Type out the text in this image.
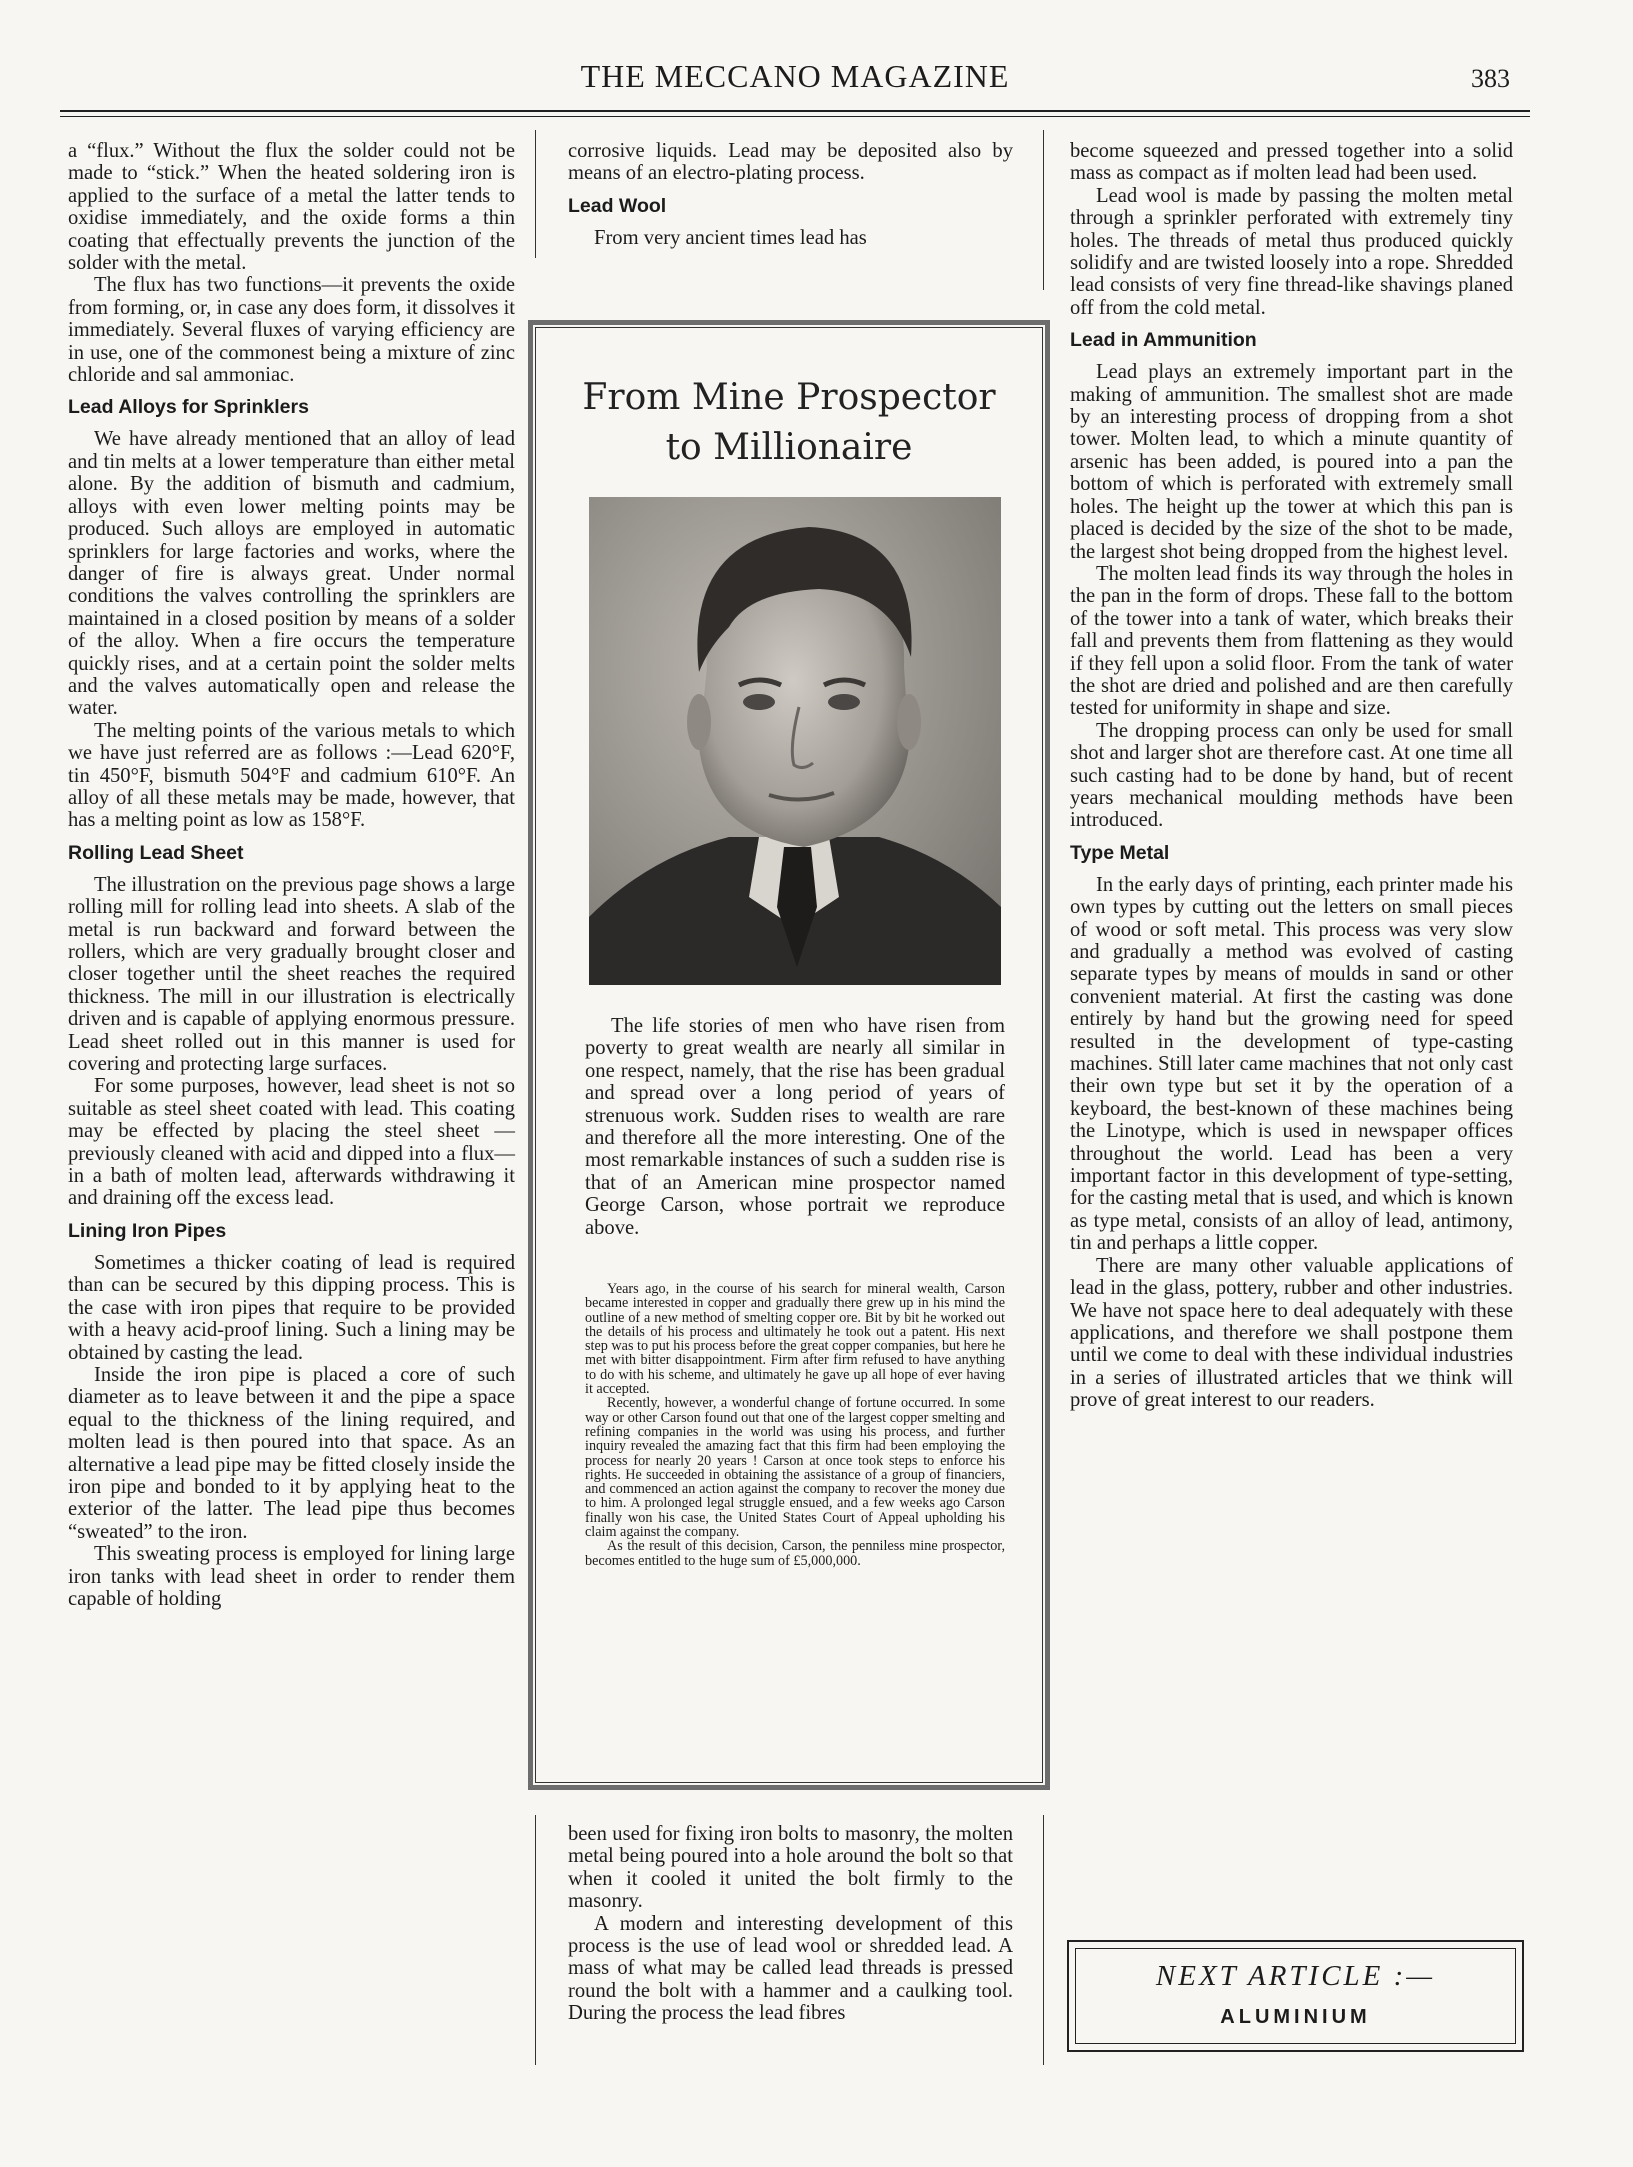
THE MECCANO MAGAZINE	383

a “flux.” Without the flux the solder could not be made to “stick.” When the heated soldering iron is applied to the surface of a metal the latter tends to oxidise immediately, and the oxide forms a thin coating that effectually prevents the junction of the solder with the metal.

The flux has two functions—it prevents the oxide from forming, or, in case any does form, it dissolves it immediately. Several fluxes of varying efficiency are in use, one of the commonest being a mixture of zinc chloride and sal ammoniac.

Lead Alloys for Sprinklers

We have already mentioned that an alloy of lead and tin melts at a lower temperature than either metal alone. By the addition of bismuth and cadmium, alloys with even lower melting points may be produced. Such alloys are employed in automatic sprinklers for large factories and works, where the danger of fire is always great. Under normal conditions the valves controlling the sprinklers are maintained in a closed position by means of a solder of the alloy. When a fire occurs the temperature quickly rises, and at a certain point the solder melts and the valves automatically open and release the water.

The melting points of the various metals to which we have just referred are as follows :—Lead 620°F, tin 450°F, bismuth 504°F and cadmium 610°F. An alloy of all these metals may be made, however, that has a melting point as low as 158°F.

Rolling Lead Sheet

The illustration on the previous page shows a large rolling mill for rolling lead into sheets. A slab of the metal is run backward and forward between the rollers, which are very gradually brought closer and closer together until the sheet reaches the required thickness. The mill in our illustration is electrically driven and is capable of applying enormous pressure. Lead sheet rolled out in this manner is used for covering and protecting large surfaces.

For some purposes, however, lead sheet is not so suitable as steel sheet coated with lead. This coating may be effected by placing the steel sheet —previously cleaned with acid and dipped into a flux—in a bath of molten lead, afterwards withdrawing it and draining off the excess lead.

Lining Iron Pipes

Sometimes a thicker coating of lead is required than can be secured by this dipping process. This is the case with iron pipes that require to be provided with a heavy acid-proof lining. Such a lining may be obtained by casting the lead.

Inside the iron pipe is placed a core of such diameter as to leave between it and the pipe a space equal to the thickness of the lining required, and molten lead is then poured into that space. As an alternative a lead pipe may be fitted closely inside the iron pipe and bonded to it by applying heat to the exterior of the latter. The lead pipe thus becomes “sweated” to the iron.

This sweating process is employed for lining large iron tanks with lead sheet in order to render them capable of holding

corrosive liquids. Lead may be deposited also by means of an electro-plating process.

Lead Wool

From very ancient times lead has

From Mine Prospector
to Millionaire

The life stories of men who have risen from poverty to great wealth are nearly all similar in one respect, namely, that the rise has been gradual and spread over a long period of years of strenuous work. Sudden rises to wealth are rare and therefore all the more interesting. One of the most remarkable instances of such a sudden rise is that of an American mine prospector named George Carson, whose portrait we reproduce above.

Years ago, in the course of his search for mineral wealth, Carson became interested in copper and gradually there grew up in his mind the outline of a new method of smelting copper ore. Bit by bit he worked out the details of his process and ultimately he took out a patent. His next step was to put his process before the great copper companies, but here he met with bitter disappointment. Firm after firm refused to have anything to do with his scheme, and ultimately he gave up all hope of ever having it accepted.

Recently, however, a wonderful change of fortune occurred. In some way or other Carson found out that one of the largest copper smelting and refining companies in the world was using his process, and further inquiry revealed the amazing fact that this firm had been employing the process for nearly 20 years ! Carson at once took steps to enforce his rights. He succeeded in obtaining the assistance of a group of financiers, and commenced an action against the company to recover the money due to him. A prolonged legal struggle ensued, and a few weeks ago Carson finally won his case, the United States Court of Appeal upholding his claim against the company.

As the result of this decision, Carson, the penniless mine prospector, becomes entitled to the huge sum of £5,000,000.

been used for fixing iron bolts to masonry, the molten metal being poured into a hole around the bolt so that when it cooled it united the bolt firmly to the masonry.

A modern and interesting development of this process is the use of lead wool or shredded lead. A mass of what may be called lead threads is pressed round the bolt with a hammer and a caulking tool. During the process the lead fibres

become squeezed and pressed together into a solid mass as compact as if molten lead had been used.

Lead wool is made by passing the molten metal through a sprinkler perforated with extremely tiny holes. The threads of metal thus produced quickly solidify and are twisted loosely into a rope. Shredded lead consists of very fine thread-like shavings planed off from the cold metal.

Lead in Ammunition

Lead plays an extremely important part in the making of ammunition. The smallest shot are made by an interesting process of dropping from a shot tower. Molten lead, to which a minute quantity of arsenic has been added, is poured into a pan the bottom of which is perforated with extremely small holes. The height up the tower at which this pan is placed is decided by the size of the shot to be made, the largest shot being dropped from the highest level.

The molten lead finds its way through the holes in the pan in the form of drops. These fall to the bottom of the tower into a tank of water, which breaks their fall and prevents them from flattening as they would if they fell upon a solid floor. From the tank of water the shot are dried and polished and are then carefully tested for uniformity in shape and size.

The dropping process can only be used for small shot and larger shot are therefore cast. At one time all such casting had to be done by hand, but of recent years mechanical moulding methods have been introduced.

Type Metal

In the early days of printing, each printer made his own types by cutting out the letters on small pieces of wood or soft metal. This process was very slow and gradually a method was evolved of casting separate types by means of moulds in sand or other convenient material. At first the casting was done entirely by hand but the growing need for speed resulted in the development of type-casting machines. Still later came machines that not only cast their own type but set it by the operation of a keyboard, the best-known of these machines being the Linotype, which is used in newspaper offices throughout the world. Lead has been a very important factor in this development of type-setting, for the casting metal that is used, and which is known as type metal, consists of an alloy of lead, antimony, tin and perhaps a little copper.

There are many other valuable applications of lead in the glass, pottery, rubber and other industries. We have not space here to deal adequately with these applications, and therefore we shall postpone them until we come to deal with these individual industries in a series of illustrated articles that we think will prove of great interest to our readers.

NEXT ARTICLE :—
ALUMINIUM
